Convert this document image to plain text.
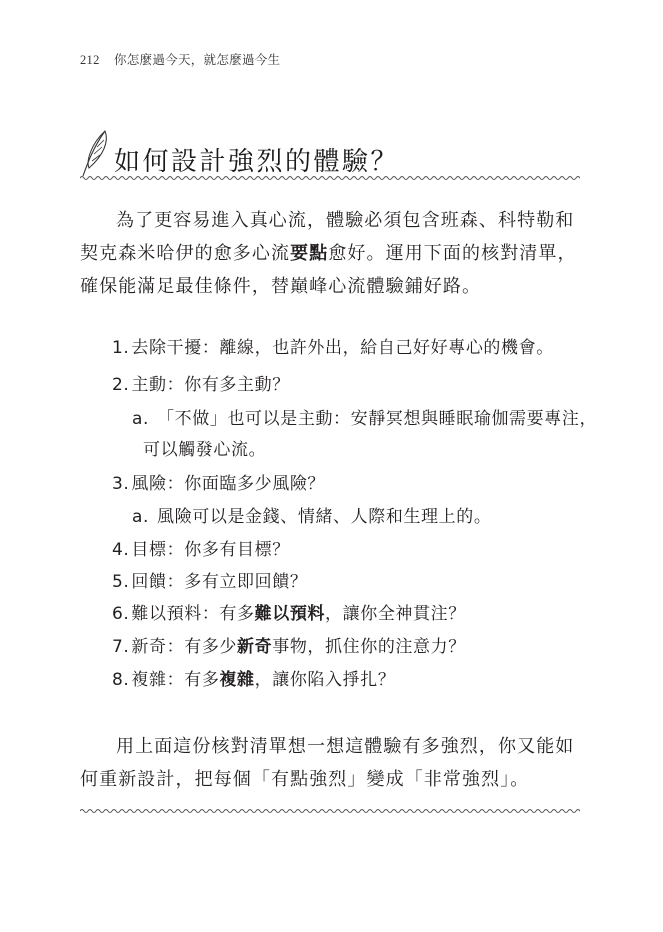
212 你怎麼過今天，就怎麼過今生
如何設計強烈的體驗？

為了更容易進入真心流，體驗必須包含班森、科特勒和契克森米哈伊的愈多心流要點愈好。運用下面的核對清單，確保能滿足最佳條件，替巔峰心流體驗鋪好路。

1. 去除干擾：離線，也許外出，給自己好好專心的機會。
2. 主動：你有多主動？
a. 「不做」也可以是主動：安靜冥想與睡眠瑜伽需要專注，
可以觸發心流。
3. 風險：你面臨多少風險？
a. 風險可以是金錢、情緒、人際和生理上的。
4. 目標：你多有目標？
5. 回饋：多有立即回饋？
6. 難以預料：有多難以預料，讓你全神貫注？
7. 新奇：有多少新奇事物，抓住你的注意力？
8. 複雜：有多複雜，讓你陷入掙扎？

用上面這份核對清單想一想這體驗有多強烈，你又能如何重新設計，把每個「有點強烈」變成「非常強烈」。
